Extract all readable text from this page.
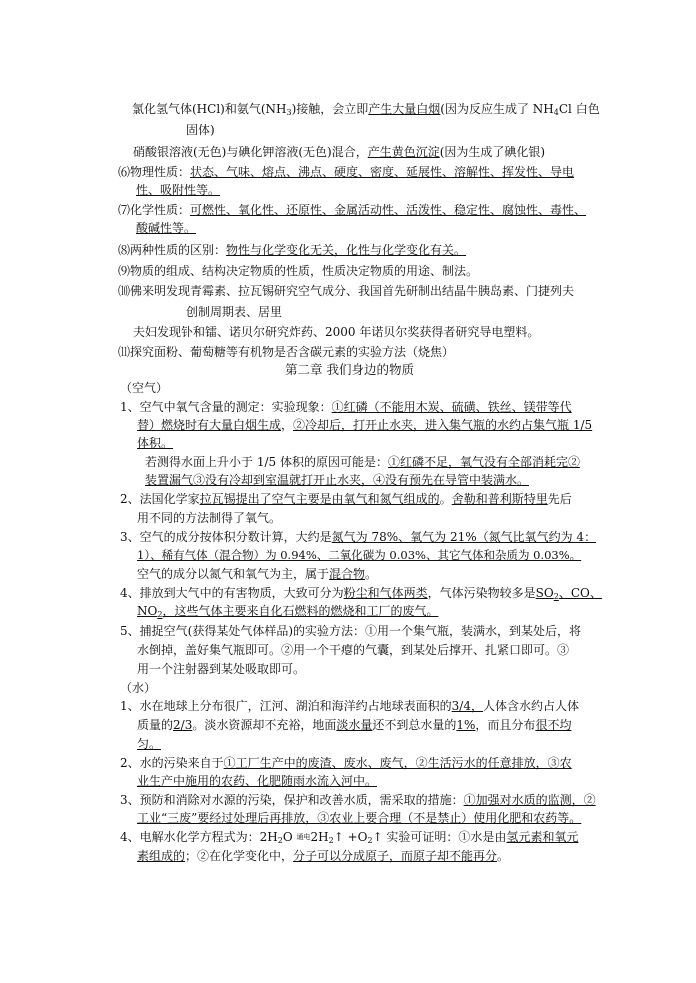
氯化氢气体(HCl)和氨气$(NH_3)$接触，会立即产生大量白烟(因为反应生成了 $NH_4Cl$ 白色
固体)
硝酸银溶液(无色)与碘化钾溶液(无色)混合，产生黄色沉淀(因为生成了碘化银)
⑹物理性质：状态、气味、熔点、沸点、硬度、密度、延展性、溶解性、挥发性、导电
性、吸附性等。
⑺化学性质：可燃性、氧化性、还原性、金属活动性、活泼性、稳定性、腐蚀性、毒性、
酸碱性等。
⑻两种性质的区别：物性与化学变化无关，化性与化学变化有关。
⑼物质的组成、结构决定物质的性质，性质决定物质的用途、制法。
⑽佛来明发现青霉素、拉瓦锡研究空气成分、我国首先研制出结晶牛胰岛素、门捷列夫
创制周期表、居里
夫妇发现钋和镭、诺贝尔研究炸药、2000 年诺贝尔奖获得者研究导电塑料。
⑾探究面粉、葡萄糖等有机物是否含碳元素的实验方法（烧焦）
第二章 我们身边的物质
（空气）
1、空气中氧气含量的测定：实验现象：①红磷（不能用木炭、硫磺、铁丝、镁带等代
替）燃烧时有大量白烟生成，②冷却后，打开止水夹，进入集气瓶的水约占集气瓶 1/5
体积。
若测得水面上升小于 1/5 体积的原因可能是：①红磷不足，氧气没有全部消耗完②
装置漏气③没有冷却到室温就打开止水夹，④没有预先在导管中装满水。
2、法国化学家拉瓦锡提出了空气主要是由氧气和氮气组成的。舍勒和普利斯特里先后
用不同的方法制得了氧气。
3、空气的成分按体积分数计算，大约是氮气为 78%、氧气为 21%（氮气比氧气约为 4：
1）、稀有气体（混合物）为 0.94%、二氧化碳为 0.03%、其它气体和杂质为 0.03%。
空气的成分以氮气和氧气为主，属于混合物。
4、排放到大气中的有害物质，大致可分为粉尘和气体两类，气体污染物较多是$SO_2$、CO、
$NO_2$，这些气体主要来自化石燃料的燃烧和工厂的废气。
5、捕捉空气(获得某处气体样品)的实验方法：①用一个集气瓶，装满水，到某处后，将
水倒掉，盖好集气瓶即可。②用一个干瘪的气囊，到某处后撑开、扎紧口即可。③
用一个注射器到某处吸取即可。
（水）
1、水在地球上分布很广，江河、湖泊和海洋约占地球表面积的3/4，人体含水约占人体
质量的2/3。淡水资源却不充裕，地面淡水量还不到总水量的1%，而且分布很不均
匀。
2、水的污染来自于①工厂生产中的废渣、废水、废气，②生活污水的任意排放，③农
业生产中施用的农药、化肥随雨水流入河中。
3、预防和消除对水源的污染，保护和改善水质，需采取的措施：①加强对水质的监测，②
工业“三废”要经过处理后再排放，③农业上要合理（不是禁止）使用化肥和农药等。
4、电解水化学方程式为：$2H_2O$ 通电$2H_2↑$ $+O_2↑$ 实验可证明：①水是由氢元素和氧元
素组成的；②在化学变化中，分子可以分成原子，而原子却不能再分。
